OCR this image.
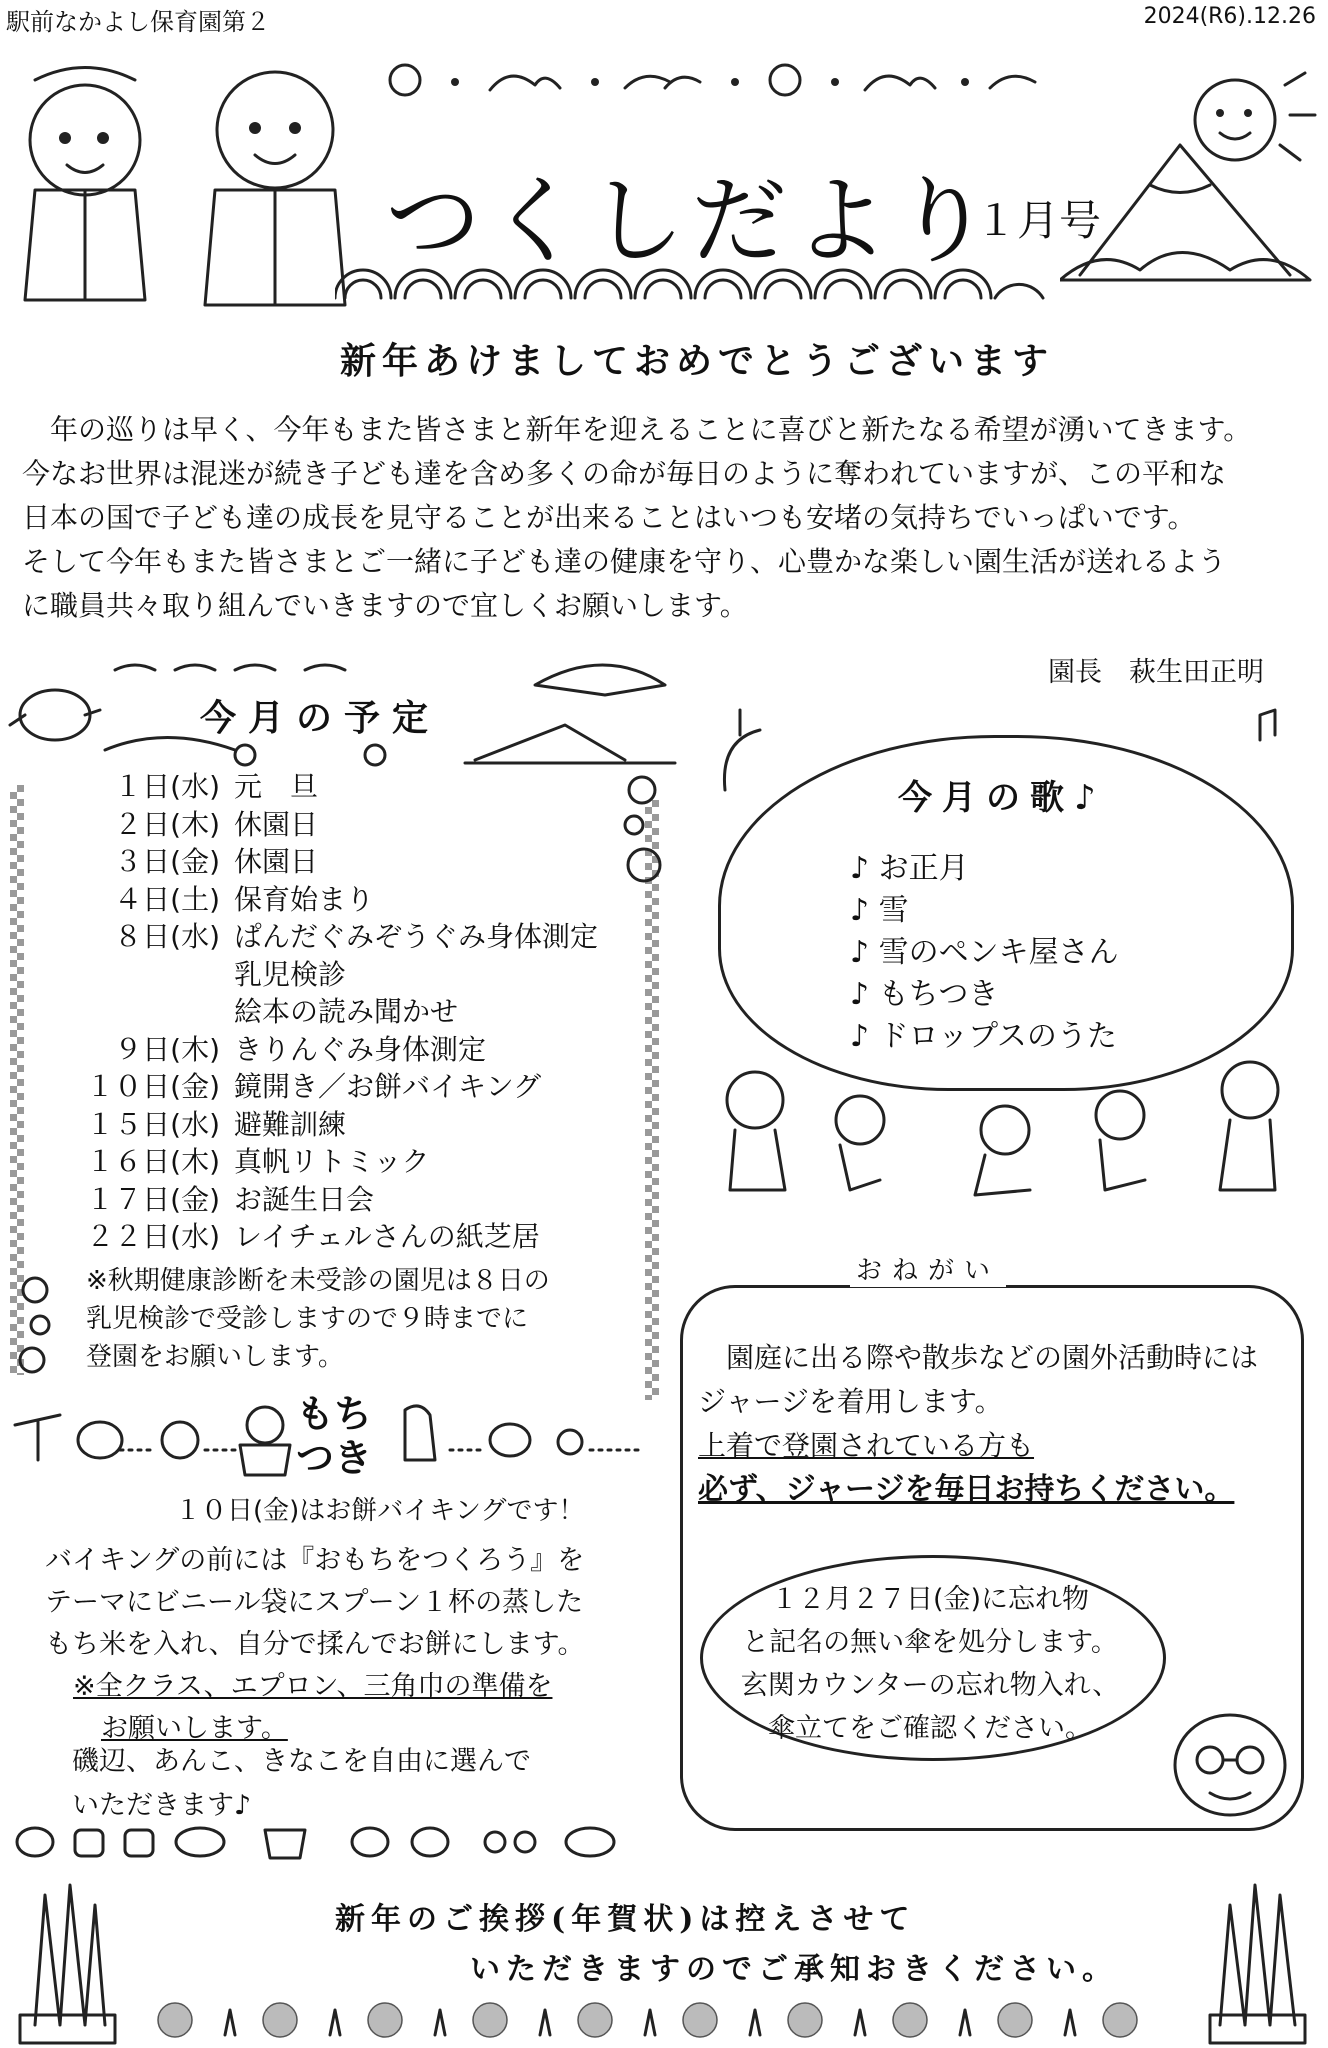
駅前なかよし保育園第２	2024(R6).12.26
つくしだより
１月号
新年あけましておめでとうございます

　年の巡りは早く、今年もまた皆さまと新年を迎えることに喜びと新たなる希望が湧いてきます。

今なお世界は混迷が続き子ども達を含め多くの命が毎日のように奪われていますが、この平和な

日本の国で子ども達の成長を見守ることが出来ることはいつも安堵の気持ちでいっぱいです。

そして今年もまた皆さまとご一緒に子ども達の健康を守り、心豊かな楽しい園生活が送れるよう

に職員共々取り組んでいきますので宜しくお願いします。

園長　萩生田正明
今月の予定
１日(水) 元　旦
２日(木) 休園日
３日(金) 休園日
４日(土) 保育始まり
８日(水) ぱんだぐみぞうぐみ身体測定
乳児検診
絵本の読み聞かせ
９日(木) きりんぐみ身体測定
１０日(金) 鏡開き／お餅バイキング
１５日(水) 避難訓練
１６日(木) 真帆リトミック
１７日(金) お誕生日会
２２日(水) レイチェルさんの紙芝居
※秋期健康診断を未受診の園児は８日の
乳児検診で受診しますので９時までに
登園をお願いします。
もち
つき
１０日(金)はお餅バイキングです！
バイキングの前には『おもちをつくろう』を
テーマにビニール袋にスプーン１杯の蒸した
もち米を入れ、自分で揉んでお餅にします。
※全クラス、エプロン、三角巾の準備を
お願いします。
磯辺、あんこ、きなこを自由に選んで
いただきます♪
今月の歌♪
♪ お正月
♪ 雪
♪ 雪のペンキ屋さん
♪ もちつき
♪ ドロップスのうた
おねがい
　園庭に出る際や散歩などの園外活動時には
ジャージを着用します。
上着で登園されている方も
必ず、ジャージを毎日お持ちください。
１２月２７日(金)に忘れ物
と記名の無い傘を処分します。
玄関カウンターの忘れ物入れ、
傘立てをご確認ください。
新年のご挨拶(年賀状)は控えさせて
いただきますのでご承知おきください。
